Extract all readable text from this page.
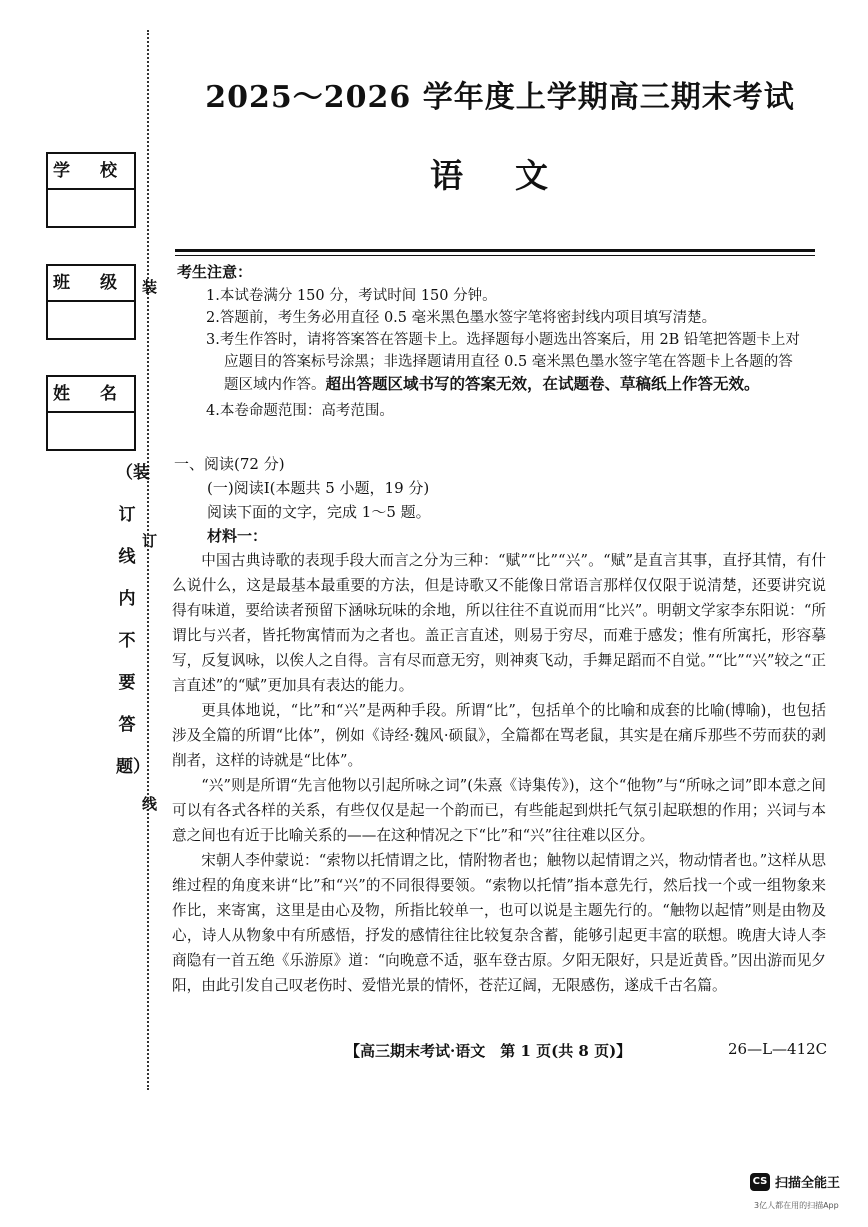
2025～2026 学年度上学期高三期末考试
语文
学 校
班 级
姓 名
装
订
线
（装订线内不要答题）
考生注意：
1.本试卷满分 150 分，考试时间 150 分钟。
2.答题前，考生务必用直径 0.5 毫米黑色墨水签字笔将密封线内项目填写清楚。
3.考生作答时，请将答案答在答题卡上。选择题每小题选出答案后，用 2B 铅笔把答题卡上对
应题目的答案标号涂黑；非选择题请用直径 0.5 毫米黑色墨水签字笔在答题卡上各题的答
题区域内作答。超出答题区域书写的答案无效，在试题卷、草稿纸上作答无效。
4.本卷命题范围：高考范围。
一、阅读(72 分)
(一)阅读Ⅰ(本题共 5 小题，19 分)
阅读下面的文字，完成 1～5 题。
材料一：

中国古典诗歌的表现手段大而言之分为三种：“赋”“比”“兴”。“赋”是直言其事，直抒其情，有什么说什么，这是最基本最重要的方法，但是诗歌又不能像日常语言那样仅仅限于说清楚，还要讲究说得有味道，要给读者预留下涵咏玩味的余地，所以往往不直说而用“比兴”。明朝文学家李东阳说：“所谓比与兴者，皆托物寓情而为之者也。盖正言直述，则易于穷尽，而难于感发；惟有所寓托，形容摹写，反复讽咏，以俟人之自得。言有尽而意无穷，则神爽飞动，手舞足蹈而不自觉。”“比”“兴”较之“正言直述”的“赋”更加具有表达的能力。

更具体地说，“比”和“兴”是两种手段。所谓“比”，包括单个的比喻和成套的比喻(博喻)，也包括涉及全篇的所谓“比体”，例如《诗经·魏风·硕鼠》，全篇都在骂老鼠，其实是在痛斥那些不劳而获的剥削者，这样的诗就是“比体”。

“兴”则是所谓“先言他物以引起所咏之词”(朱熹《诗集传》)，这个“他物”与“所咏之词”即本意之间可以有各式各样的关系，有些仅仅是起一个韵而已，有些能起到烘托气氛引起联想的作用；兴词与本意之间也有近于比喻关系的——在这种情况之下“比”和“兴”往往难以区分。

宋朝人李仲蒙说：“索物以托情谓之比，情附物者也；触物以起情谓之兴，物动情者也。”这样从思维过程的角度来讲“比”和“兴”的不同很得要领。“索物以托情”指本意先行，然后找一个或一组物象来作比，来寄寓，这里是由心及物，所指比较单一，也可以说是主题先行的。“触物以起情”则是由物及心，诗人从物象中有所感悟，抒发的感情往往比较复杂含蓄，能够引起更丰富的联想。晚唐大诗人李商隐有一首五绝《乐游原》道：“向晚意不适，驱车登古原。夕阳无限好，只是近黄昏。”因出游而见夕阳，由此引发自己叹老伤时、爱惜光景的情怀，苍茫辽阔，无限感伤，遂成千古名篇。

【高三期末考试·语文　第 1 页(共 8 页)】	26—L—412C
CS 扫描全能王
3亿人都在用的扫描App
